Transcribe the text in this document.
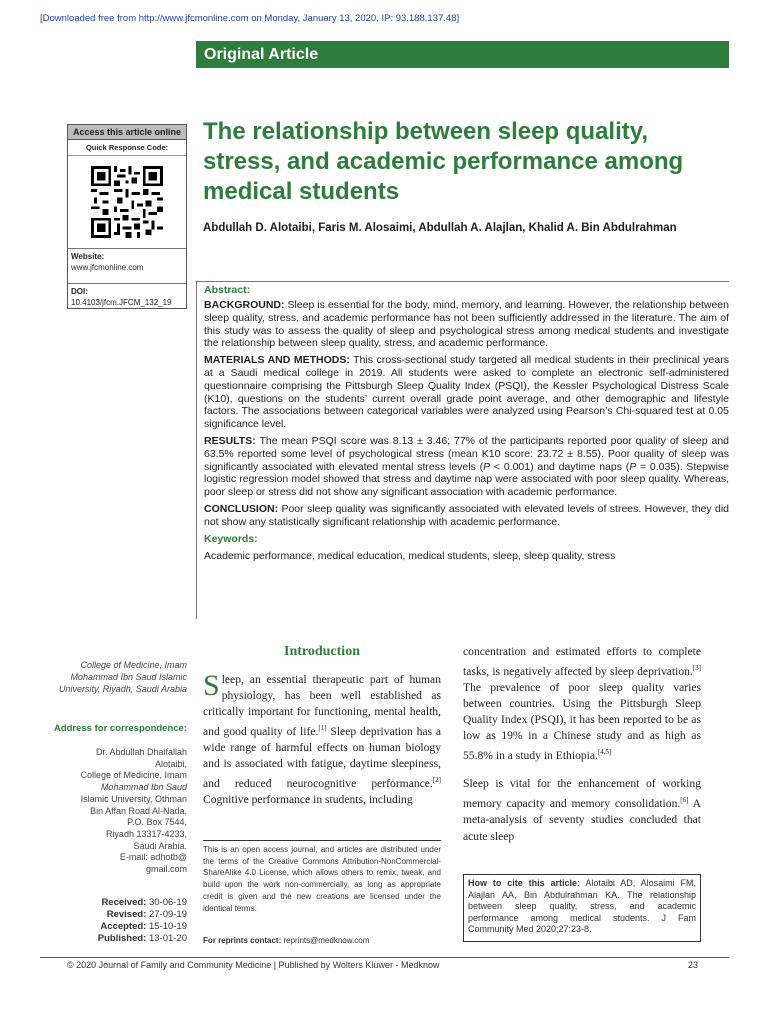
[Downloaded free from http://www.jfcmonline.com on Monday, January 13, 2020, IP: 93.188.137.48]
Original Article
Access this article online
Quick Response Code:
Website:
www.jfcmonline.com
DOI:
10.4103/jfcm.JFCM_132_19
The relationship between sleep quality, stress, and academic performance among medical students
Abdullah D. Alotaibi, Faris M. Alosaimi, Abdullah A. Alajlan, Khalid A. Bin Abdulrahman
Abstract:

BACKGROUND: Sleep is essential for the body, mind, memory, and learning. However, the relationship between sleep quality, stress, and academic performance has not been sufficiently addressed in the literature. The aim of this study was to assess the quality of sleep and psychological stress among medical students and investigate the relationship between sleep quality, stress, and academic performance.

MATERIALS AND METHODS: This cross-sectional study targeted all medical students in their preclinical years at a Saudi medical college in 2019. All students were asked to complete an electronic self-administered questionnaire comprising the Pittsburgh Sleep Quality Index (PSQI), the Kessler Psychological Distress Scale (K10), questions on the students’ current overall grade point average, and other demographic and lifestyle factors. The associations between categorical variables were analyzed using Pearson’s Chi-squared test at 0.05 significance level.

RESULTS: The mean PSQI score was 8.13 ± 3.46; 77% of the participants reported poor quality of sleep and 63.5% reported some level of psychological stress (mean K10 score: 23.72 ± 8.55). Poor quality of sleep was significantly associated with elevated mental stress levels (P < 0.001) and daytime naps (P = 0.035). Stepwise logistic regression model showed that stress and daytime nap were associated with poor sleep quality. Whereas, poor sleep or stress did not show any significant association with academic performance.

CONCLUSION: Poor sleep quality was significantly associated with elevated levels of strees. However, they did not show any statistically significant relationship with academic performance.

Keywords:
Academic performance, medical education, medical students, sleep, sleep quality, stress
College of Medicine, Imam Mohammad Ibn Saud Islamic University, Riyadh, Saudi Arabia
Address for correspondence:
Dr. Abdullah Dhaifallah
Alotaibi,
College of Medicine, Imam
Mohammad Ibn Saud
Islamic University, Othman
Bin Affan Road Al-Nada,
P.O. Box 7544,
Riyadh 13317-4233,
Saudi Arabia.
E-mail: adhotb@
gmail.com
Received: 30-06-19
Revised: 27-09-19
Accepted: 15-10-19
Published: 13-01-20
Introduction

Sleep, an essential therapeutic part of human physiology, has been well established as critically important for functioning, mental health, and good quality of life.[1] Sleep deprivation has a wide range of harmful effects on human biology and is associated with fatigue, daytime sleepiness, and reduced neurocognitive performance.[2] Cognitive performance in students, including

concentration and estimated efforts to complete tasks, is negatively affected by sleep deprivation.[3] The prevalence of poor sleep quality varies between countries. Using the Pittsburgh Sleep Quality Index (PSQI), it has been reported to be as low as 19% in a Chinese study and as high as 55.8% in a study in Ethiopia.[4,5]

Sleep is vital for the enhancement of working memory capacity and memory consolidation.[6] A meta-analysis of seventy studies concluded that acute sleep

This is an open access journal, and articles are distributed under the terms of the Creative Commons Attribution-NonCommercial-ShareAlike 4.0 License, which allows others to remix, tweak, and build upon the work non-commercially, as long as appropriate credit is given and the new creations are licensed under the identical terms.
For reprints contact: reprints@medknow.com
How to cite this article: Alotaibi AD, Alosaimi FM, Alajlan AA, Bin Abdulrahman KA. The relationship between sleep quality, stress, and academic performance among medical students. J Fam Community Med 2020;27:23-8.
© 2020 Journal of Family and Community Medicine | Published by Wolters Kluwer - Medknow	23
